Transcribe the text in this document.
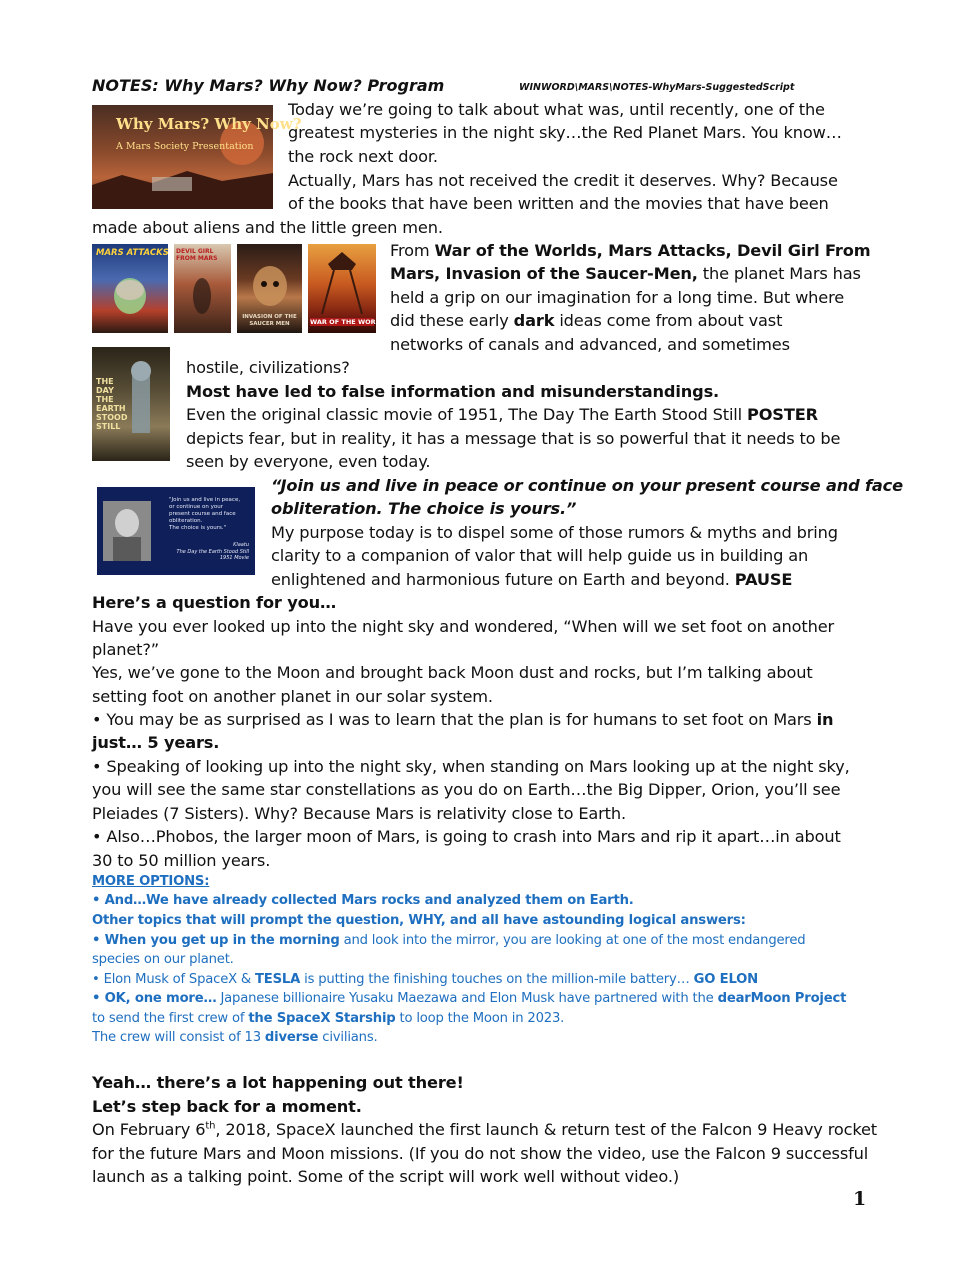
NOTES: Why Mars? Why Now? Program	WINWORD\MARS\NOTES-WhyMars-SuggestedScript
Why Mars? Why Now?
A Mars Society Presentation
Today we’re going to talk about what was, until recently, one of the
greatest mysteries in the night sky…the Red Planet Mars. You know…
the rock next door.
Actually, Mars has not received the credit it deserves. Why? Because
of the books that have been written and the movies that have been
made about aliens and the little green men.
MARS ATTACKS DEVIL GIRL FROM MARS
INVASION OF THE SAUCER MEN	WAR OF THE WORLDS
From War of the Worlds, Mars Attacks, Devil Girl From
Mars, Invasion of the Saucer-Men, the planet Mars has
held a grip on our imagination for a long time. But where
did these early dark ideas come from about vast
networks of canals and advanced, and sometimes
THE DAY THE EARTH STOOD STILL
hostile, civilizations?
Most have led to false information and misunderstandings.
Even the original classic movie of 1951, The Day The Earth Stood Still POSTER
depicts fear, but in reality, it has a message that is so powerful that it needs to be
seen by everyone, even today.
"Join us and live in peace,
or continue on your
present course and face
obliteration.
The choice is yours."
Klaatu
The Day the Earth Stood Still
1951 Movie
“Join us and live in peace or continue on your present course and face
obliteration. The choice is yours.”
My purpose today is to dispel some of those rumors & myths and bring
clarity to a companion of valor that will help guide us in building an
enlightened and harmonious future on Earth and beyond. PAUSE
Here’s a question for you…
Have you ever looked up into the night sky and wondered, “When will we set foot on another
planet?”
Yes, we’ve gone to the Moon and brought back Moon dust and rocks, but I’m talking about
setting foot on another planet in our solar system.
• You may be as surprised as I was to learn that the plan is for humans to set foot on Mars in
just… 5 years.
• Speaking of looking up into the night sky, when standing on Mars looking up at the night sky,
you will see the same star constellations as you do on Earth…the Big Dipper, Orion, you’ll see
Pleiades (7 Sisters). Why? Because Mars is relativity close to Earth.
• Also…Phobos, the larger moon of Mars, is going to crash into Mars and rip it apart…in about
30 to 50 million years.
MORE OPTIONS:
• And…We have already collected Mars rocks and analyzed them on Earth.
Other topics that will prompt the question, WHY, and all have astounding logical answers:
• When you get up in the morning and look into the mirror, you are looking at one of the most endangered
species on our planet.
• Elon Musk of SpaceX & TESLA is putting the finishing touches on the million-mile battery… GO ELON
• OK, one more… Japanese billionaire Yusaku Maezawa and Elon Musk have partnered with the dearMoon Project
to send the first crew of the SpaceX Starship to loop the Moon in 2023.
The crew will consist of 13 diverse civilians.
Yeah… there’s a lot happening out there!
Let’s step back for a moment.
On February 6th, 2018, SpaceX launched the first launch & return test of the Falcon 9 Heavy rocket
for the future Mars and Moon missions. (If you do not show the video, use the Falcon 9 successful
launch as a talking point. Some of the script will work well without video.)
1
